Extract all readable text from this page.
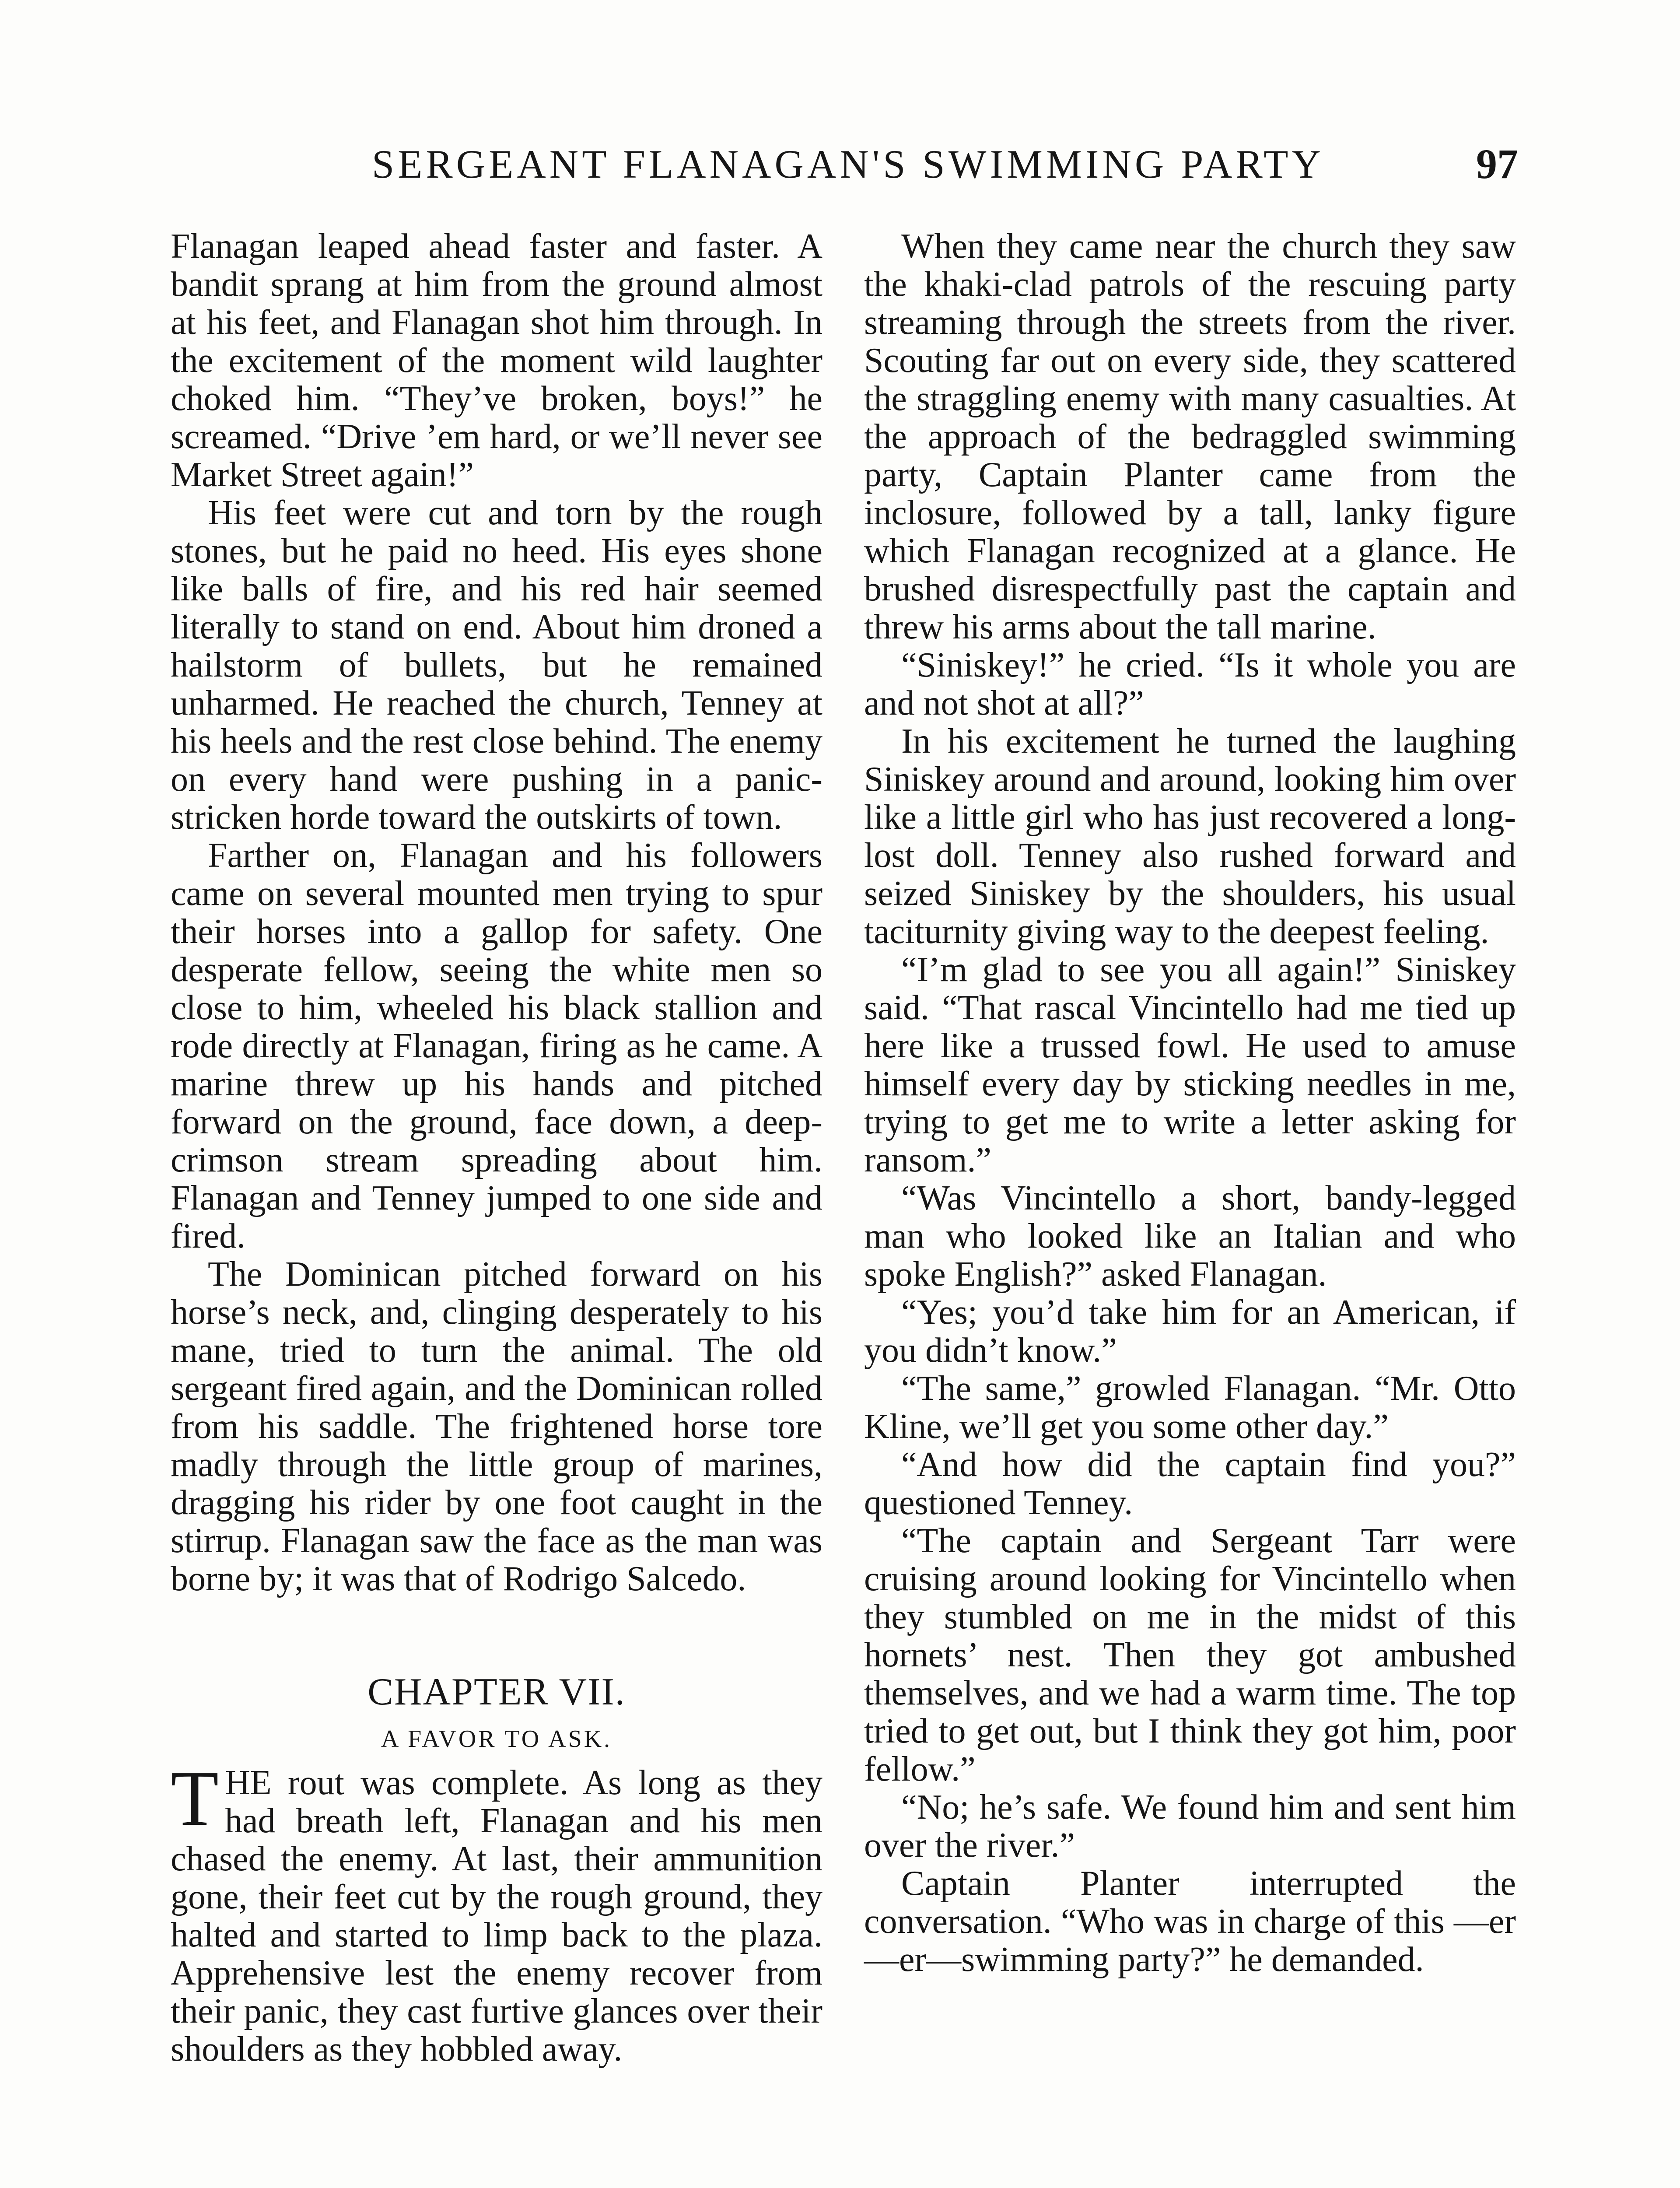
SERGEANT FLANAGAN'S SWIMMING PARTY	97

Flanagan leaped ahead faster and faster. A bandit sprang at him from the ground almost at his feet, and Flanagan shot him through. In the excitement of the moment wild laughter choked him. “They’ve broken, boys!” he screamed. “Drive ’em hard, or we’ll never see Market Street again!”

His feet were cut and torn by the rough stones, but he paid no heed. His eyes shone like balls of fire, and his red hair seemed literally to stand on end. About him droned a hailstorm of bullets, but he remained unharmed. He reached the church, Tenney at his heels and the rest close behind. The enemy on every hand were pushing in a panic-stricken horde toward the outskirts of town.

Farther on, Flanagan and his followers came on several mounted men trying to spur their horses into a gallop for safety. One desperate fellow, seeing the white men so close to him, wheeled his black stallion and rode directly at Flanagan, firing as he came. A marine threw up his hands and pitched forward on the ground, face down, a deep-crimson stream spreading about him. Flanagan and Tenney jumped to one side and fired.

The Dominican pitched forward on his horse’s neck, and, clinging desperately to his mane, tried to turn the animal. The old sergeant fired again, and the Dominican rolled from his saddle. The frightened horse tore madly through the little group of marines, dragging his rider by one foot caught in the stirrup. Flanagan saw the face as the man was borne by; it was that of Rodrigo Salcedo.

CHAPTER VII.
A FAVOR TO ASK.

THE rout was complete. As long as they had breath left, Flanagan and his men chased the enemy. At last, their ammunition gone, their feet cut by the rough ground, they halted and started to limp back to the plaza. Apprehensive lest the enemy recover from their panic, they cast furtive glances over their shoulders as they hobbled away.

When they came near the church they saw the khaki-clad patrols of the rescuing party streaming through the streets from the river. Scouting far out on every side, they scattered the straggling enemy with many casualties. At the approach of the bedraggled swimming party, Captain Planter came from the inclosure, followed by a tall, lanky figure which Flanagan recognized at a glance. He brushed disrespectfully past the captain and threw his arms about the tall marine.

“Siniskey!” he cried. “Is it whole you are and not shot at all?”

In his excitement he turned the laughing Siniskey around and around, looking him over like a little girl who has just recovered a long-lost doll. Tenney also rushed forward and seized Siniskey by the shoulders, his usual taciturnity giving way to the deepest feeling.

“I’m glad to see you all again!” Siniskey said. “That rascal Vincintello had me tied up here like a trussed fowl. He used to amuse himself every day by sticking needles in me, trying to get me to write a letter asking for ransom.”

“Was Vincintello a short, bandy-legged man who looked like an Italian and who spoke English?” asked Flanagan.

“Yes; you’d take him for an American, if you didn’t know.”

“The same,” growled Flanagan. “Mr. Otto Kline, we’ll get you some other day.”

“And how did the captain find you?” questioned Tenney.

“The captain and Sergeant Tarr were cruising around looking for Vincintello when they stumbled on me in the midst of this hornets’ nest. Then they got ambushed themselves, and we had a warm time. The top tried to get out, but I think they got him, poor fellow.”

“No; he’s safe. We found him and sent him over the river.”

Captain Planter interrupted the conversation. “Who was in charge of this —er—er—swimming party?” he demanded.
